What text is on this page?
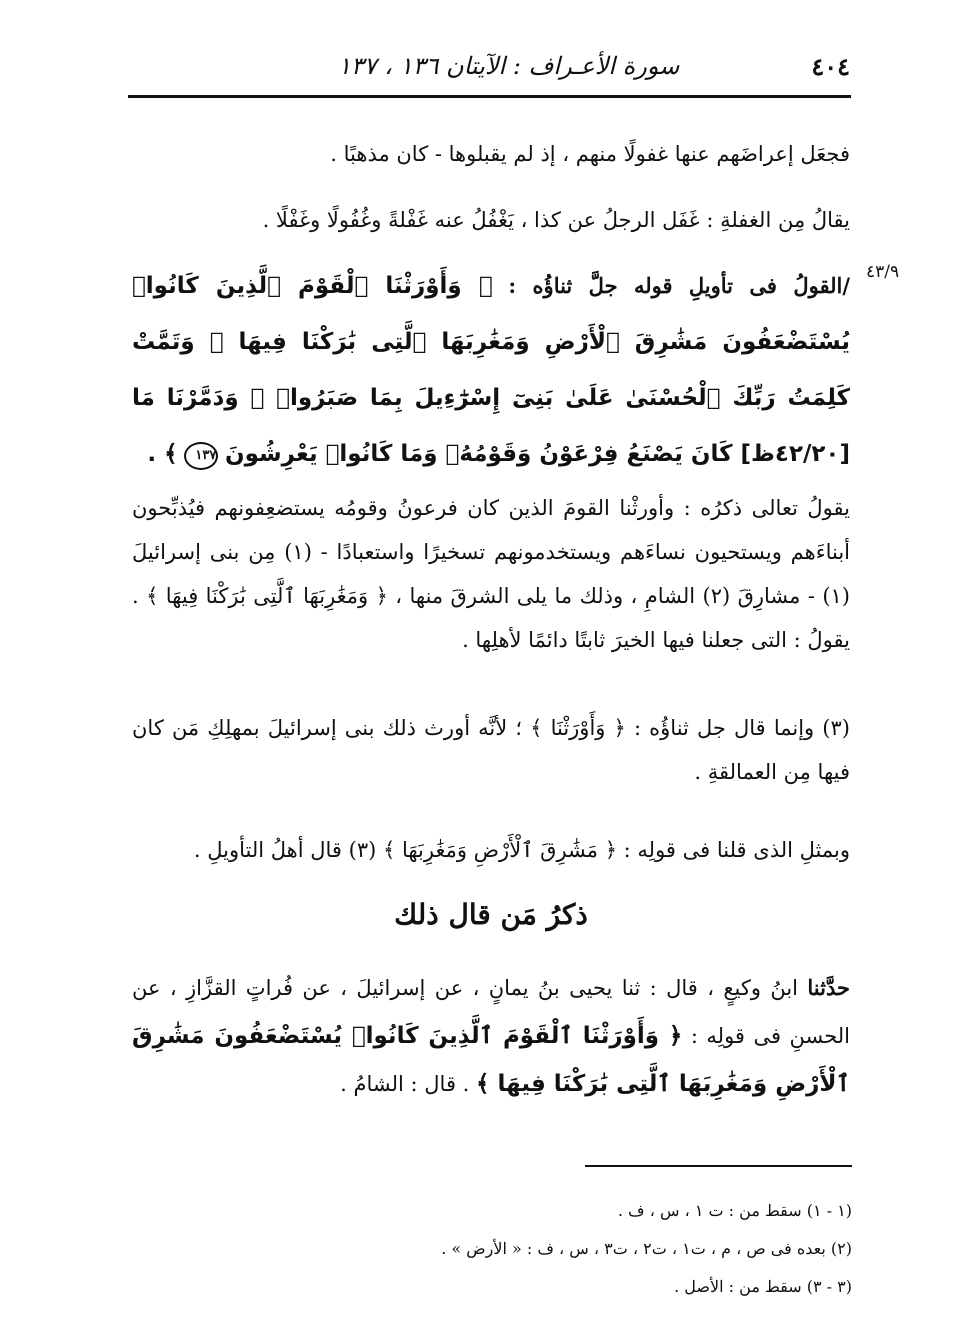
٤٠٤
سورة الأعـراف : الآيتان ١٣٦ ، ١٣٧
٤٣/٩
فجعَل إعراضَهم عنها غفولًا منهم ، إذ لم يقبلوها - كان مذهبًا .
يقالُ مِن الغفلةِ : غَفَل الرجلُ عن كذا ، يَغْفُلُ عنه غَفْلةً وغُفُولًا وغَفْلًا .
/القولُ فى تأويلِ قوله جلَّ ثناؤُه : ﴿ وَأَوْرَثْنَا ٱلْقَوْمَ ٱلَّذِينَ كَانُوا۟ يُسْتَضْعَفُونَ مَشَٰرِقَ ٱلْأَرْضِ وَمَغَٰرِبَهَا ٱلَّتِى بَٰرَكْنَا فِيهَا ۖ وَتَمَّتْ كَلِمَتُ رَبِّكَ ٱلْحُسْنَىٰ عَلَىٰ بَنِىٓ إِسْرَٰٓءِيلَ بِمَا صَبَرُوا۟ ۖ وَدَمَّرْنَا مَا [٤٢/٢٠ظ] كَانَ يَصْنَعُ فِرْعَوْنُ وَقَوْمُهُۥ وَمَا كَانُوا۟ يَعْرِشُونَ ١٣٧ ﴾ .
يقولُ تعالى ذكرُه : وأورثْنا القومَ الذين كان فرعونُ وقومُه يستضعِفونهم فيُذبِّحون أبناءَهم ويستحيون نساءَهم ويستخدمونهم تسخيرًا واستعبادًا - (١) مِن بنى إسرائيلَ (١) - مشارِقَ (٢) الشامِ ، وذلك ما يلى الشرقَ منها ، ﴿ وَمَغَٰرِبَهَا ٱلَّتِى بَٰرَكْنَا فِيهَا ﴾ . يقولُ : التى جعلنا فيها الخيرَ ثابتًا دائمًا لأهلِها .
(٣) وإنما قال جل ثناؤُه : ﴿ وَأَوْرَثْنَا ﴾ ؛ لأنَّه أورث ذلك بنى إسرائيلَ بمهلِكِ مَن كان فيها مِن العمالقةِ .
وبمثلِ الذى قلنا فى قولِه : ﴿ مَشَٰرِقَ ٱلْأَرْضِ وَمَغَٰرِبَهَا ﴾ (٣) قال أهلُ التأويلِ .
ذكرُ مَن قال ذلك
حدَّثنا ابنُ وكيعٍ ، قال : ثنا يحيى بنُ يمانٍ ، عن إسرائيلَ ، عن فُراتٍ القزَّازِ ، عن الحسنِ فى قولِه : ﴿ وَأَوْرَثْنَا ٱلْقَوْمَ ٱلَّذِينَ كَانُوا۟ يُسْتَضْعَفُونَ مَشَٰرِقَ ٱلْأَرْضِ وَمَغَٰرِبَهَا ٱلَّتِى بَٰرَكْنَا فِيهَا ﴾ . قال : الشامُ .
(١ - ١) سقط من : ت ١ ، س ، ف .
(٢) بعده فى ص ، م ، ت١ ، ت٢ ، ت٣ ، س ، ف : « الأرض » .
(٣ - ٣) سقط من : الأصل .
